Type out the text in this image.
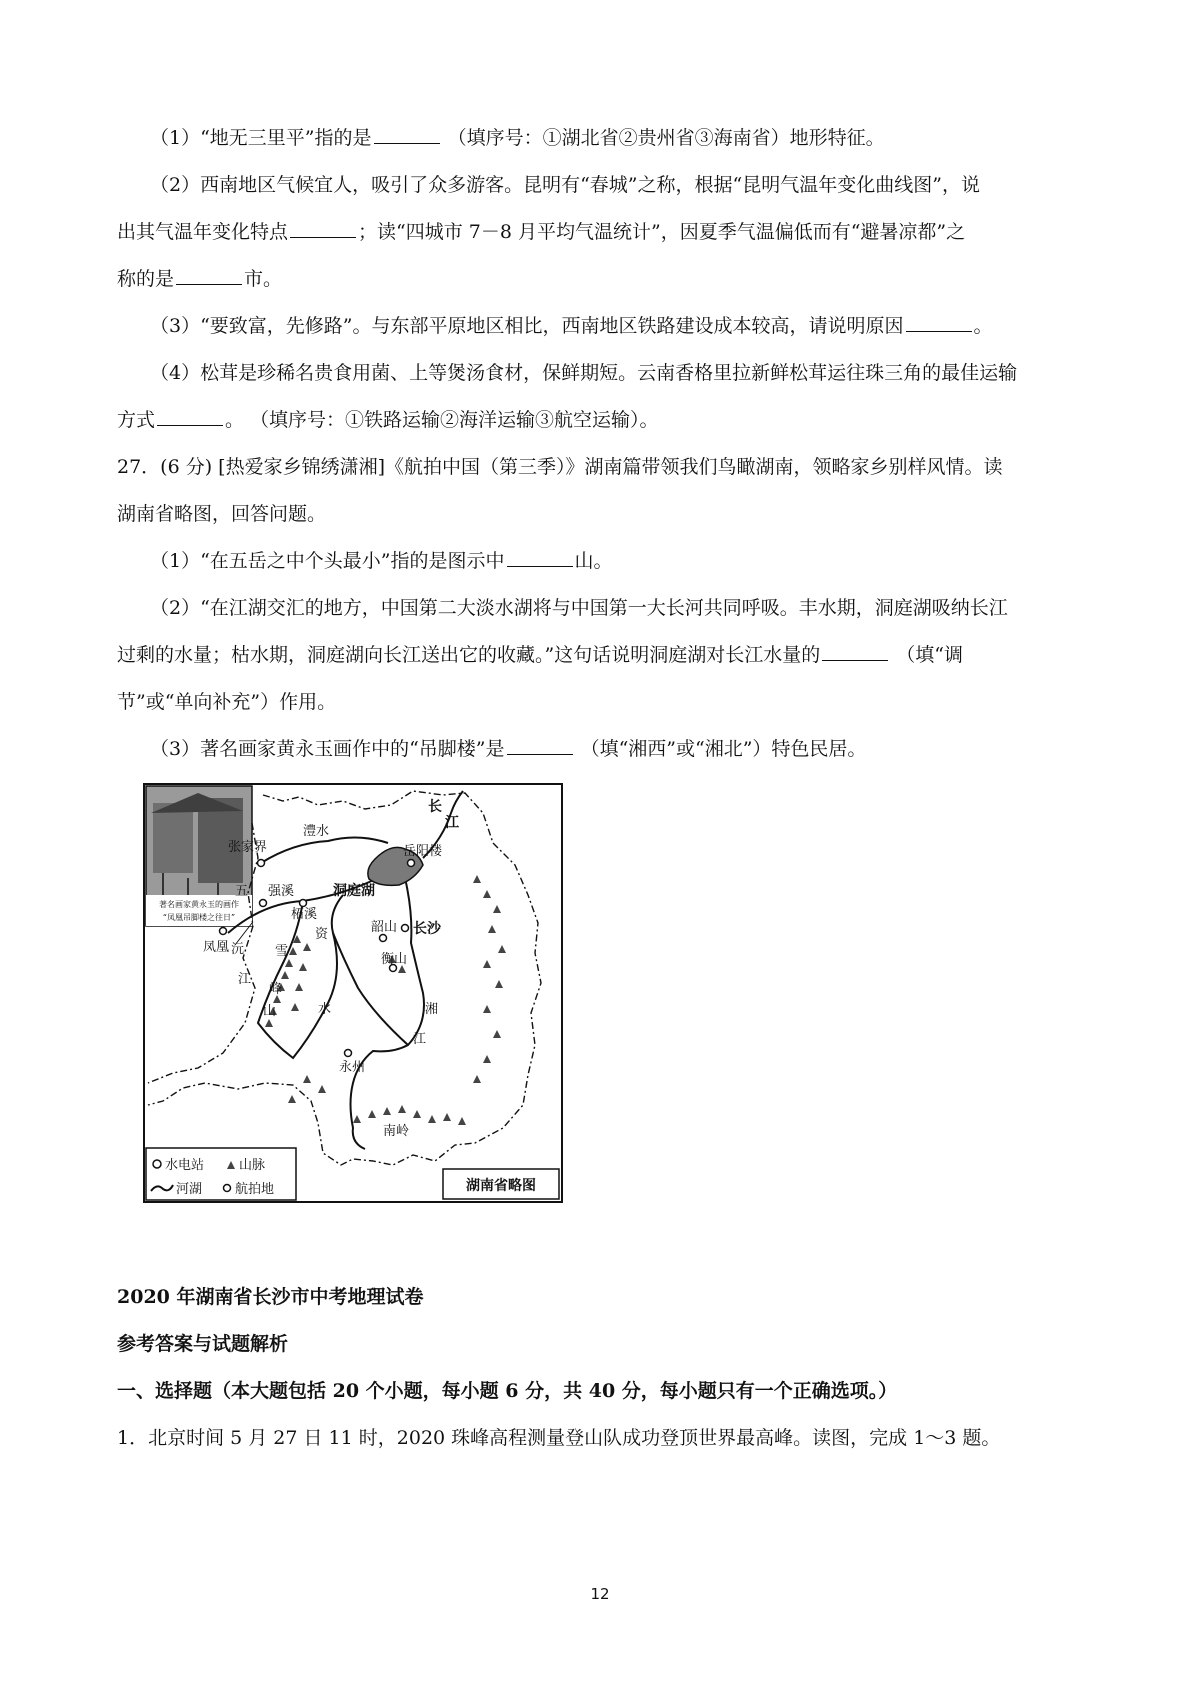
（1）“地无三里平”指的是	（填序号：①湖北省②贵州省③海南省）地形特征。
（2）西南地区气候宜人，吸引了众多游客。昆明有“春城”之称，根据“昆明气温年变化曲线图”，说
出其气温年变化特点	；读“四城市 7－8 月平均气温统计”，因夏季气温偏低而有“避暑凉都”之
称的是	市。
（3）“要致富，先修路”。与东部平原地区相比，西南地区铁路建设成本较高，请说明原因	。
（4）松茸是珍稀名贵食用菌、上等煲汤食材，保鲜期短。云南香格里拉新鲜松茸运往珠三角的最佳运输
方式	。 （填序号：①铁路运输②海洋运输③航空运输）。
27．(6 分) [热爱家乡锦绣潇湘]《航拍中国（第三季）》湖南篇带领我们鸟瞰湖南，领略家乡别样风情。读
湖南省略图，回答问题。
（1）“在五岳之中个头最小”指的是图示中	山。
（2）“在江湖交汇的地方，中国第二大淡水湖将与中国第一大长河共同呼吸。丰水期，洞庭湖吸纳长江
过剩的水量；枯水期，洞庭湖向长江送出它的收藏。”这句话说明洞庭湖对长江水量的	（填“调
节”或“单向补充”）作用。
（3）著名画家黄永玉画作中的“吊脚楼”是	（填“湘西”或“湘北”）特色民居。
著名画家黄永玉的画作
“凤凰吊脚楼之往日”
长
江
岳阳楼
张家界
澧水
强溪	洞庭湖
柘溪
五
沅
江
凤凰
韶山 长沙
衡山
资
水
雪
峰
山	湘
江
永州
南岭
水电站	山脉
河湖	航拍地	湖南省略图
2020 年湖南省长沙市中考地理试卷
参考答案与试题解析
一、选择题（本大题包括 20 个小题，每小题 6 分，共 40 分，每小题只有一个正确选项。）
1．北京时间 5 月 27 日 11 时，2020 珠峰高程测量登山队成功登顶世界最高峰。读图，完成 1～3 题。
12
